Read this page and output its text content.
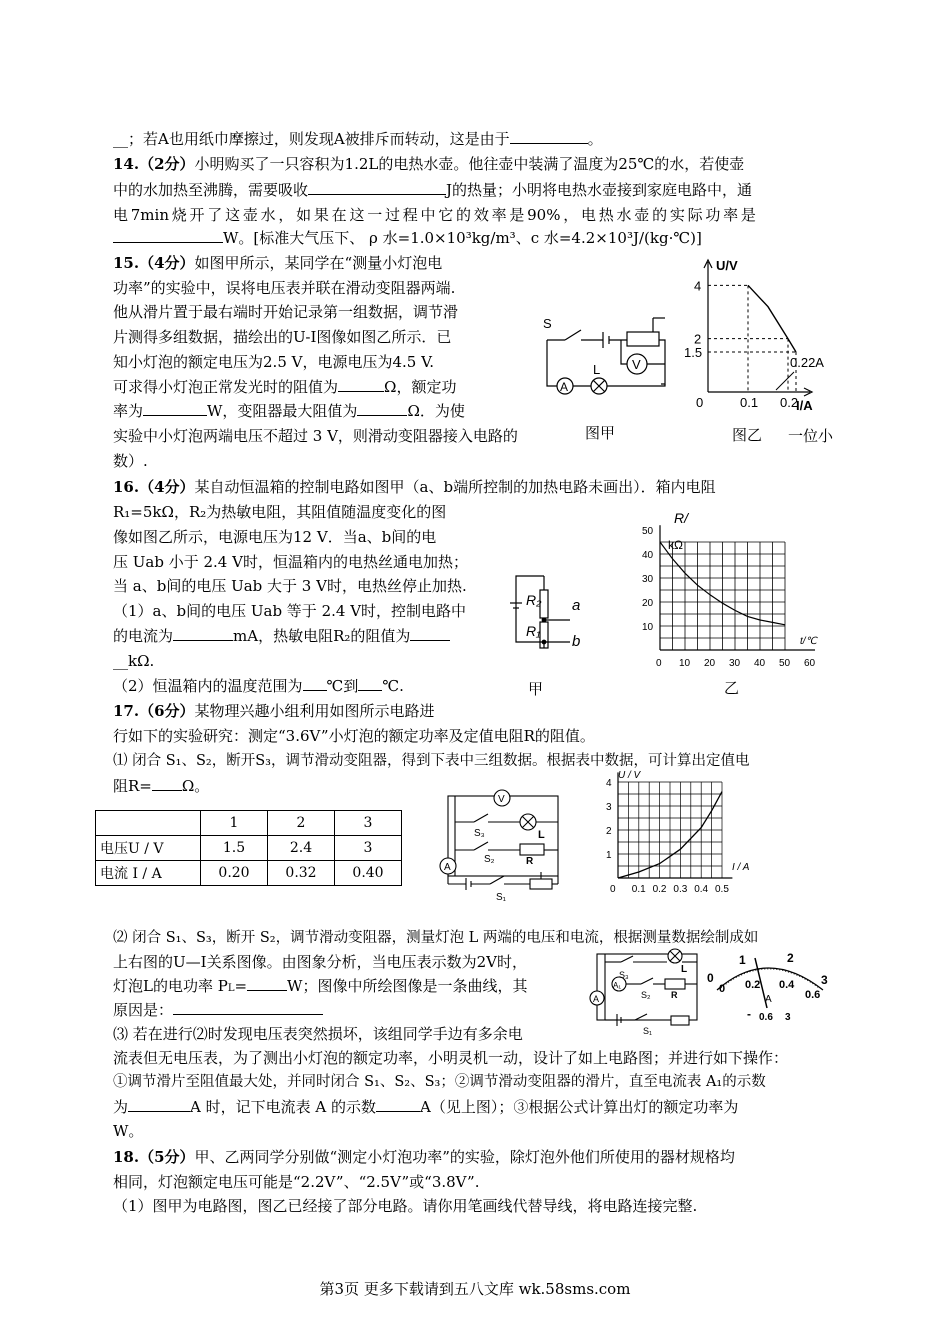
__；若A也用纸巾摩擦过，则发现A被排斥而转动，这是由于	。
14.（2分）小明购买了一只容积为1.2L的电热水壶。他往壶中装满了温度为25℃的水，若使壶
中的水加热至沸腾，需要吸收	J的热量；小明将电热水壶接到家庭电路中，通
电 7min 烧 开 了 这 壶 水 ， 如 果 在 这 一 过 程 中 它 的 效 率 是 90% ， 电 热 水 壶 的 实 际 功 率 是
W。[标准大气压下、 ρ 水=1.0×10³kg/m³、c 水=4.2×10³J/(kg·℃)]
15.（4分）如图甲所示，某同学在“测量小灯泡电
功率”的实验中，误将电压表并联在滑动变阻器两端.
他从滑片置于最右端时开始记录第一组数据，调节滑
片测得多组数据，描绘出的U-I图像如图乙所示．已
知小灯泡的额定电压为2.5 V，电源电压为4.5 V.
可求得小灯泡正常发光时的阻值为	Ω，额定功
率为	W，变阻器最大阻值为	Ω．为使
实验中小灯泡两端电压不超过 3 V，则滑动变阻器接入电路的	一位小
数）.
16.（4分）某自动恒温箱的控制电路如图甲（a、b端所控制的加热电路未画出）．箱内电阻
R₁=5kΩ，R₂为热敏电阻，其阻值随温度变化的图
像如图乙所示，电源电压为12 V．当a、b间的电
压 Uab 小于 2.4 V时，恒温箱内的电热丝通电加热；
当 a、b间的电压 Uab 大于 3 V时，电热丝停止加热.
（1）a、b间的电压 Uab 等于 2.4 V时，控制电路中
的电流为	mA，热敏电阻R₂的阻值为
__kΩ.
（2）恒温箱内的温度范围为 ℃到 ℃.
17.（6分）某物理兴趣小组利用如图所示电路进
行如下的实验研究：测定“3.6V”小灯泡的额定功率及定值电阻R的阻值。
⑴ 闭合 S₁、S₂，断开S₃，调节滑动变阻器，得到下表中三组数据。根据表中数据，可计算出定值电
阻R= Ω。
	1	2	3
电压U / V	1.5	2.4	3
电流 I / A	0.20	0.32	0.40
⑵ 闭合 S₁、S₃，断开 S₂，调节滑动变阻器，测量灯泡 L 两端的电压和电流，根据测量数据绘制成如
上右图的U—I关系图像。由图象分析，当电压表示数为2V时，
灯泡L的电功率 PL=	W；图像中所绘图像是一条曲线，其
原因是：
⑶ 若在进行⑵时发现电压表突然损坏，该组同学手边有多余电
流表但无电压表，为了测出小灯泡的额定功率，小明灵机一动，设计了如上电路图；并进行如下操作：
①调节滑片至阻值最大处，并同时闭合 S₁、S₂、S₃；②调节滑动变阻器的滑片，直至电流表 A₁的示数
为	A 时，记下电流表 A 的示数	A（见上图）；③根据公式计算出灯的额定功率为
W。
18.（5分）甲、乙两同学分别做“测定小灯泡功率”的实验，除灯泡外他们所使用的器材规格均
相同，灯泡额定电压可能是“2.2V”、“2.5V”或“3.8V”.
（1）图甲为电路图，图乙已经接了部分电路。请你用笔画线代替导线，将电路连接完整.
第3页 更多下载请到五八文库 wk.58sms.com
S
L V
A
图甲
U/V
I/A
0.22A
0	0.1 0.2
1.5
2
4
图乙
R₂
R₁
a
b
甲
0 10 20 30 40 50 60
10
20
30
40
50
R/
kΩ
t/℃
乙
V
S₃	L
S₂	R
A
S₁
0 0.1 0.2 0.3 0.4 0.5
1
2
3
4
U / V
I / A
S₃	L
A₁
S₂ R
A
S₁
0
1	2
3
0 0.2 0.4
0.6
A
- 0.6 3
